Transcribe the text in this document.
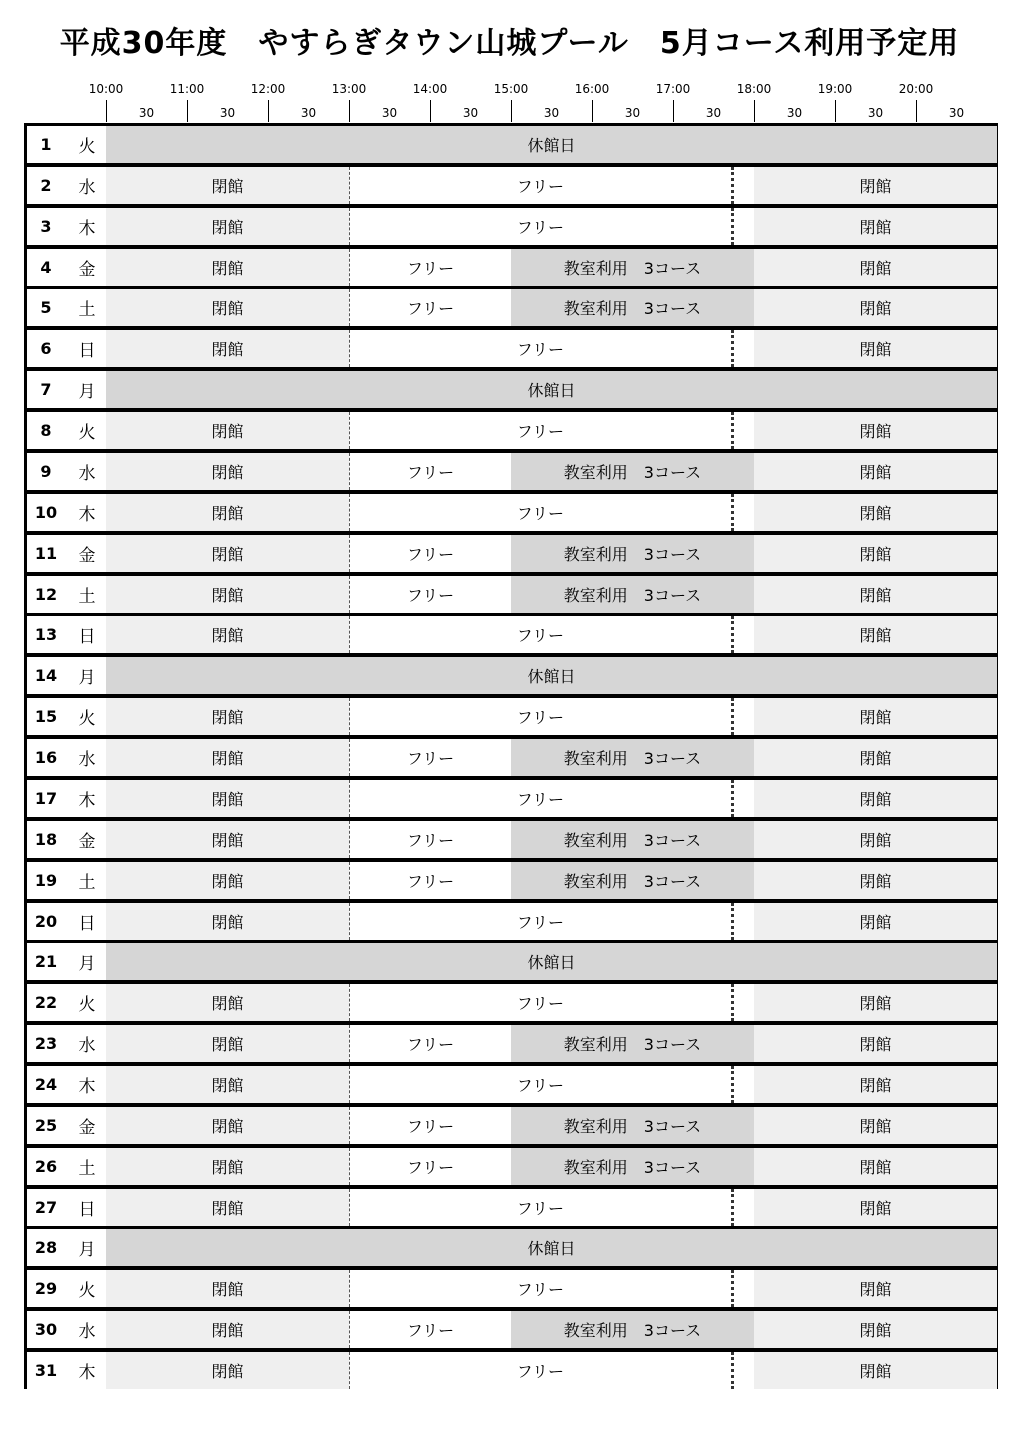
平成30年度　やすらぎタウン山城プール　5月コース利用予定用
10:00
30
11:00
30
12:00
30
13:00
30
14:00
30
15:00
30
16:00
30
17:00
30
18:00
30
19:00
30
20:00
30
1	火	休館日
2	水	閉館	フリー	閉館
3	木	閉館	フリー	閉館
4	金	閉館	フリー	教室利用　3コース	閉館
5	土	閉館	フリー	教室利用　3コース	閉館
6	日	閉館	フリー	閉館
7	月	休館日
8	火	閉館	フリー	閉館
9	水	閉館	フリー	教室利用　3コース	閉館
10	木	閉館	フリー	閉館
11	金	閉館	フリー	教室利用　3コース	閉館
12	土	閉館	フリー	教室利用　3コース	閉館
13	日	閉館	フリー	閉館
14	月	休館日
15	火	閉館	フリー	閉館
16	水	閉館	フリー	教室利用　3コース	閉館
17	木	閉館	フリー	閉館
18	金	閉館	フリー	教室利用　3コース	閉館
19	土	閉館	フリー	教室利用　3コース	閉館
20	日	閉館	フリー	閉館
21	月	休館日
22	火	閉館	フリー	閉館
23	水	閉館	フリー	教室利用　3コース	閉館
24	木	閉館	フリー	閉館
25	金	閉館	フリー	教室利用　3コース	閉館
26	土	閉館	フリー	教室利用　3コース	閉館
27	日	閉館	フリー	閉館
28	月	休館日
29	火	閉館	フリー	閉館
30	水	閉館	フリー	教室利用　3コース	閉館
31	木	閉館	フリー	閉館
